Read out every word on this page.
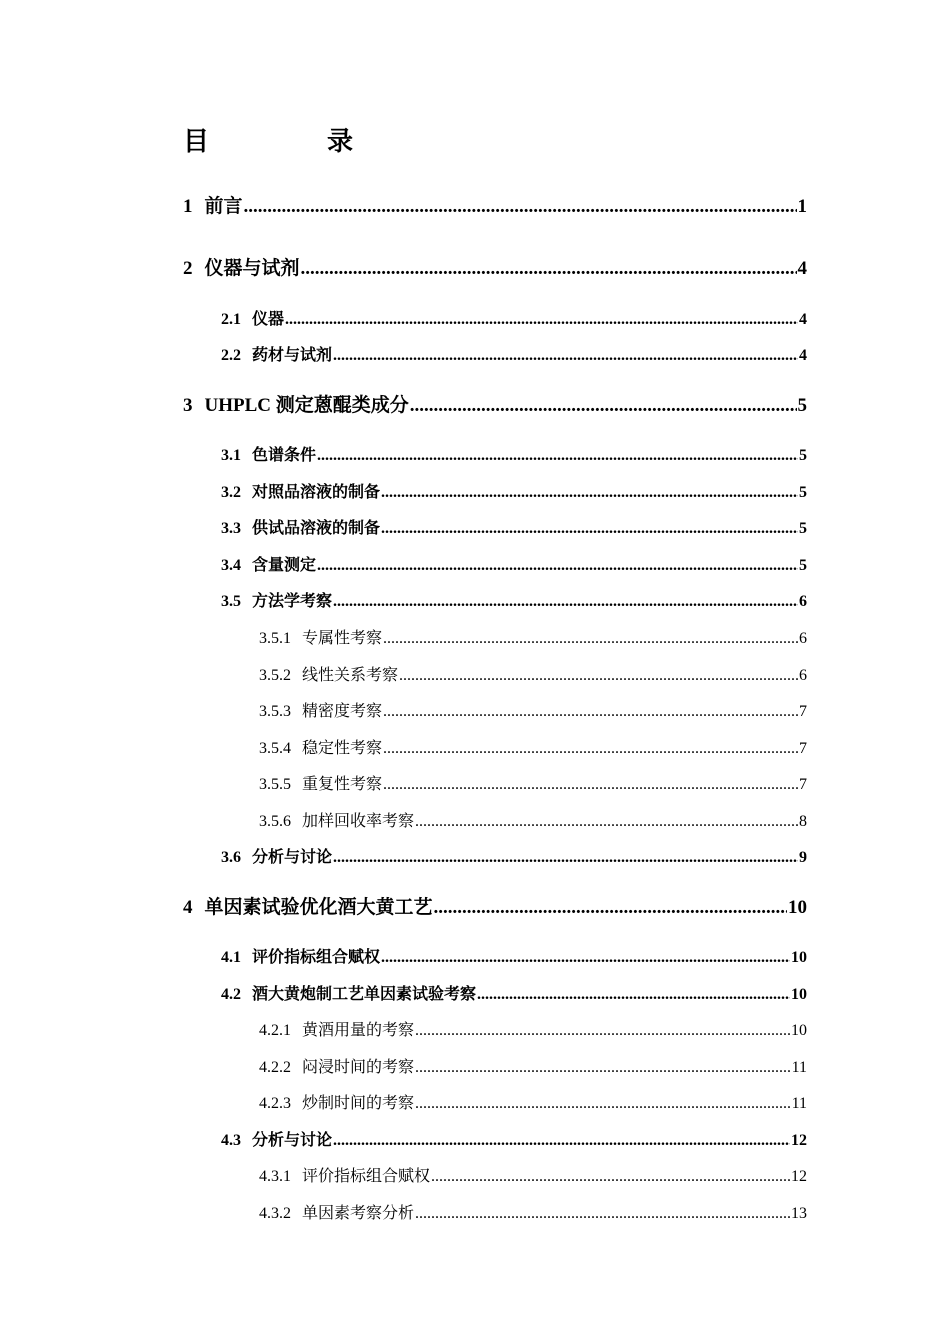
目　录
1 前言 .....	1
2 仪器与试剂 .....	4
2.1 仪器 .....	4
2.2 药材与试剂 .....	4
3 UHPLC 测定蒽醌类成分 .....	5
3.1 色谱条件 .....	5
3.2 对照品溶液的制备 .....	5
3.3 供试品溶液的制备 .....	5
3.4 含量测定 .....	5
3.5 方法学考察 .....	6
3.5.1 专属性考察 .....	6
3.5.2 线性关系考察 .....	6
3.5.3 精密度考察 .....	7
3.5.4 稳定性考察 .....	7
3.5.5 重复性考察 .....	7
3.5.6 加样回收率考察 .....	8
3.6 分析与讨论 .....	9
4 单因素试验优化酒大黄工艺 .....	10
4.1 评价指标组合赋权 .....	10
4.2 酒大黄炮制工艺单因素试验考察 .....	10
4.2.1 黄酒用量的考察 .....	10
4.2.2 闷浸时间的考察 .....	11
4.2.3 炒制时间的考察 .....	11
4.3 分析与讨论 .....	12
4.3.1 评价指标组合赋权 .....	12
4.3.2 单因素考察分析 .....	13
